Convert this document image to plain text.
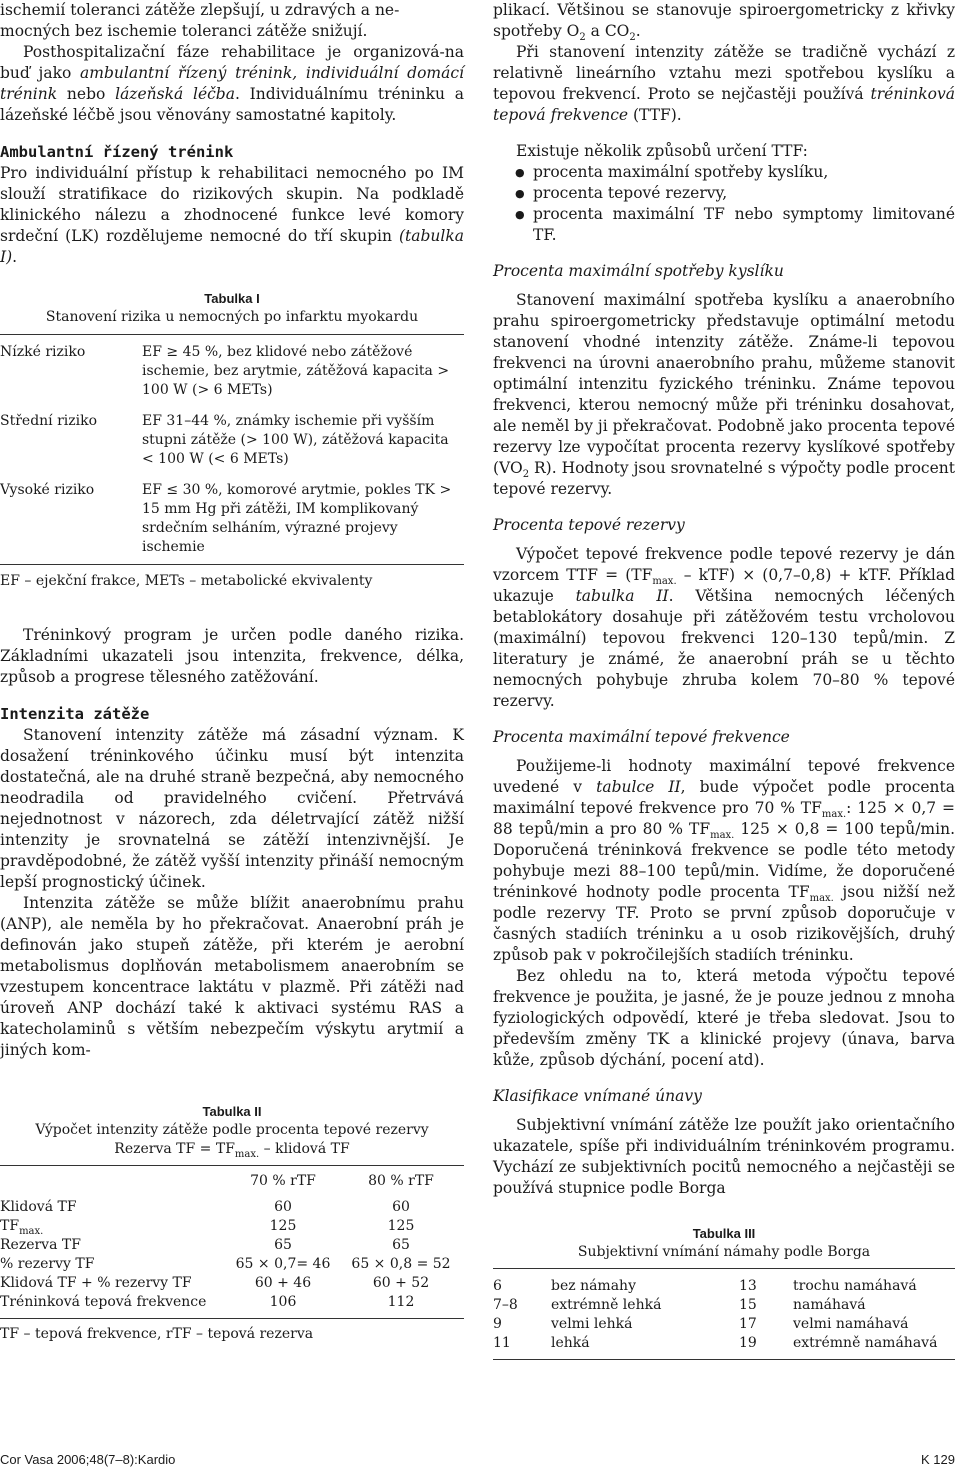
ischemií toleranci zátěže zlepšují, u zdravých a ne-
mocných bez ischemie toleranci zátěže snižují.

Posthospitalizační fáze rehabilitace je organizová-na buď jako ambulantní řízený trénink, individuální domácí trénink nebo lázeňská léčba. Individuálnímu tréninku a lázeňské léčbě jsou věnovány samostatné kapitoly.

Ambulantní řízený trénink

Pro individuální přístup k rehabilitaci nemocného po IM slouží stratifikace do rizikových skupin. Na podkladě klinického nálezu a zhodnocené funkce levé komory srdeční (LK) rozdělujeme nemocné do tří skupin (tabulka I).

Tabulka I
Stanovení rizika u nemocných po infarktu myokardu
Nízké riziko	EF ≥ 45 %, bez klidové nebo zátěžové ischemie, bez arytmie, zátěžová kapacita > 100 W (> 6 METs)

Střední riziko	EF 31–44 %, známky ischemie při vyšším stupni zátěže (> 100 W), zátěžová kapacita < 100 W (< 6 METs)

Vysoké riziko	EF ≤ 30 %, komorové arytmie, pokles TK > 15 mm Hg při zátěži, IM komplikovaný srdečním selháním, výrazné projevy ischemie
EF – ejekční frakce, METs – metabolické ekvivalenty

Tréninkový program je určen podle daného rizika. Základními ukazateli jsou intenzita, frekvence, délka, způsob a progrese tělesného zatěžování.

Intenzita zátěže

Stanovení intenzity zátěže má zásadní význam. K dosažení tréninkového účinku musí být intenzita dostatečná, ale na druhé straně bezpečná, aby nemocného neodradila od pravidelného cvičení. Přetrvává nejednotnost v názorech, zda déletrvající zátěž nižší intenzity je srovnatelná se zátěží intenzivnější. Je pravděpodobné, že zátěž vyšší intenzity přináší nemocným lepší prognostický účinek.

Intenzita zátěže se může blížit anaerobnímu prahu (ANP), ale neměla by ho překračovat. Anaerobní práh je definován jako stupeň zátěže, při kterém je aerobní metabolismus doplňován metabolismem anaerobním se vzestupem koncentrace laktátu v plazmě. Při zátěži nad úroveň ANP dochází také k aktivaci systému RAS a katecholaminů s větším nebezpečím výskytu arytmií a jiných kom-

Tabulka II
Výpočet intenzity zátěže podle procenta tepové rezervy
Rezerva TF = $TF_{max.}$ – klidová TF
	70 % rTF	80 % rTF

Klidová TF	60	60
$TF_{max.}$	125	125
Rezerva TF	65	65
% rezervy TF	65 × 0,7= 46	65 × 0,8 = 52
Klidová TF + % rezervy TF	60 + 46	60 + 52
Tréninková tepová frekvence	106	112
TF – tepová frekvence, rTF – tepová rezerva

plikací. Většinou se stanovuje spiroergometricky z křivky spotřeby $O_2$ a $CO_2$.

Při stanovení intenzity zátěže se tradičně vychází z relativně lineárního vztahu mezi spotřebou kyslíku a tepovou frekvencí. Proto se nejčastěji používá tréninková tepová frekvence (TTF).

Existuje několik způsobů určení TTF:

● procenta maximální spotřeby kyslíku,
● procenta tepové rezervy,
● procenta maximální TF nebo symptomy limitované TF.

Procenta maximální spotřeby kyslíku

Stanovení maximální spotřeba kyslíku a anaerobního prahu spiroergometricky představuje optimální metodu stanovení vhodné intenzity zátěže. Známe-li tepovou frekvenci na úrovni anaerobního prahu, můžeme stanovit optimální intenzitu fyzického tréninku. Známe tepovou frekvenci, kterou nemocný může při tréninku dosahovat, ale neměl by ji překračovat. Podobně jako procenta tepové rezervy lze vypočítat procenta rezervy kyslíkové spotřeby ($VO_2$ R). Hodnoty jsou srovnatelné s výpočty podle procent tepové rezervy.

Procenta tepové rezervy

Výpočet tepové frekvence podle tepové rezervy je dán vzorcem TTF = $(TF_{max.} - kTF) \times (0,7-0,8)$ + kTF. Příklad ukazuje tabulka II. Většina nemocných léčených betablokátory dosahuje při zátěžovém testu vrcholovou (maximální) tepovou frekvenci 120–130 tepů/min. Z literatury je známé, že anaerobní práh se u těchto nemocných pohybuje zhruba kolem 70–80 % tepové rezervy.

Procenta maximální tepové frekvence

Použijeme-li hodnoty maximální tepové frekvence uvedené v tabulce II, bude výpočet podle procenta maximální tepové frekvence pro 70 % $TF_{max.}$: 125 × 0,7 = 88 tepů/min a pro 80 % $TF_{max.}$ 125 × 0,8 = 100 tepů/min. Doporučená tréninková frekvence se podle této metody pohybuje mezi 88–100 tepů/min. Vidíme, že doporučené tréninkové hodnoty podle procenta $TF_{max.}$ jsou nižší než podle rezervy TF. Proto se první způsob doporučuje v časných stadiích tréninku a u osob rizikovějších, druhý způsob pak v pokročilejších stadiích tréninku.

Bez ohledu na to, která metoda výpočtu tepové frekvence je použita, je jasné, že je pouze jednou z mnoha fyziologických odpovědí, které je třeba sledovat. Jsou to především změny TK a klinické projevy (únava, barva kůže, způsob dýchání, pocení atd).

Klasifikace vnímané únavy

Subjektivní vnímání zátěže lze použít jako orientačního ukazatele, spíše při individuálním tréninkovém programu. Vychází ze subjektivních pocitů nemocného a nejčastěji se používá stupnice podle Borga

Tabulka III
Subjektivní vnímání námahy podle Borga
6	bez námahy	13	trochu namáhavá
7–8	extrémně lehká	15	namáhavá
9	velmi lehká	17	velmi namáhavá
11	lehká	19	extrémně namáhavá
Cor Vasa 2006;48(7–8):Kardio	K 129
